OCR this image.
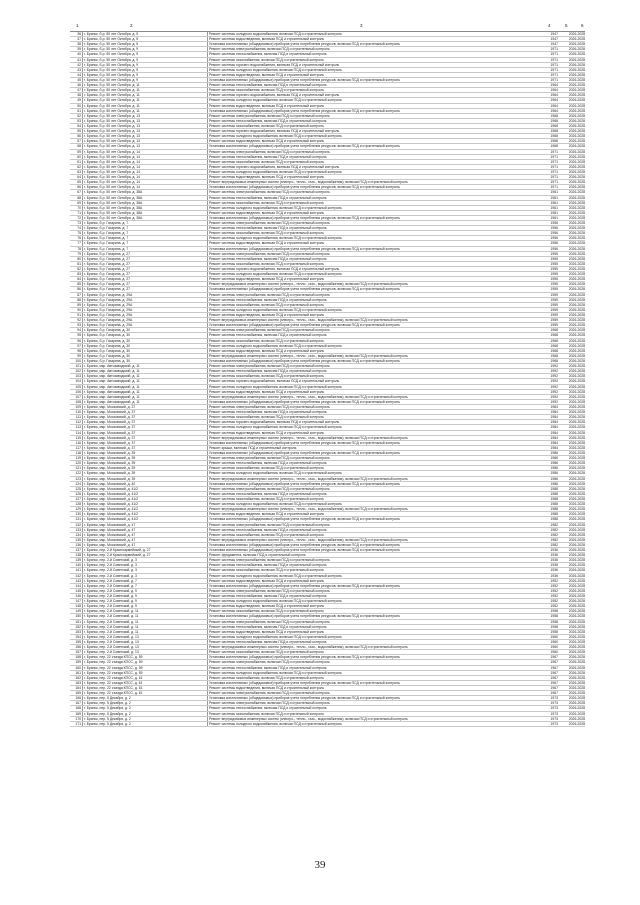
1	2	3	4	5	6
36 г. Брянск, б-р. 50 лет Октября, д. 5	Ремонт системы холодного водоснабжения, включая ПСД и строительный контроль	1947	2026-2028
37 г. Брянск, б-р. 50 лет Октября, д. 5	Ремонт системы водоотведения, включая ПСД и строительный контроль	1947	2026-2028
38 г. Брянск, б-р. 50 лет Октября, д. 5	Установка коллективных (общедомовых) приборов учета потребления ресурсов, включая ПСД и строительный контроль	1947	2026-2028
39 г. Брянск, б-р. 50 лет Октября, д. 9	Ремонт системы электроснабжения, включая ПСД и строительный контроль	1971	2026-2028
40 г. Брянск, б-р. 50 лет Октября, д. 9	Ремонт системы теплоснабжения, включая ПСД и строительный контроль	1971	2026-2028
41 г. Брянск, б-р. 50 лет Октября, д. 9	Ремонт системы газоснабжения, включая ПСД и строительный контроль	1971	2026-2028
42 г. Брянск, б-р. 50 лет Октября, д. 9	Ремонт системы горячего водоснабжения, включая ПСД и строительный контроль	1971	2026-2028
43 г. Брянск, б-р. 50 лет Октября, д. 9	Ремонт системы холодного водоснабжения, включая ПСД и строительный контроль	1971	2026-2028
44 г. Брянск, б-р. 50 лет Октября, д. 9	Ремонт системы водоотведения, включая ПСД и строительный контроль	1971	2026-2028
45 г. Брянск, б-р. 50 лет Октября, д. 9	Установка коллективных (общедомовых) приборов учета потребления ресурсов, включая ПСД и строительный контроль	1971	2026-2028
46 г. Брянск, б-р. 50 лет Октября, д. 11	Ремонт системы теплоснабжения, включая ПСД и строительный контроль	1964	2026-2028
47 г. Брянск, б-р. 50 лет Октября, д. 11	Ремонт системы газоснабжения, включая ПСД и строительный контроль	1964	2026-2028
48 г. Брянск, б-р. 50 лет Октября, д. 11	Ремонт системы горячего водоснабжения, включая ПСД и строительный контроль	1964	2026-2028
49 г. Брянск, б-р. 50 лет Октября, д. 11	Ремонт системы холодного водоснабжения, включая ПСД и строительный контроль	1964	2026-2028
50 г. Брянск, б-р. 50 лет Октября, д. 11	Ремонт системы водоотведения, включая ПСД и строительный контроль	1964	2026-2028
51 г. Брянск, б-р. 50 лет Октября, д. 11	Установка коллективных (общедомовых) приборов учета потребления ресурсов, включая ПСД и строительный контроль	1964	2026-2028
52 г. Брянск, б-р. 50 лет Октября, д. 13	Ремонт системы электроснабжения, включая ПСД и строительный контроль	1968	2026-2028
53 г. Брянск, б-р. 50 лет Октября, д. 13	Ремонт системы теплоснабжения, включая ПСД и строительный контроль	1968	2026-2028
54 г. Брянск, б-р. 50 лет Октября, д. 13	Ремонт системы газоснабжения, включая ПСД и строительный контроль	1968	2026-2028
55 г. Брянск, б-р. 50 лет Октября, д. 13	Ремонт системы горячего водоснабжения, включая ПСД и строительный контроль	1968	2026-2028
56 г. Брянск, б-р. 50 лет Октября, д. 13	Ремонт системы холодного водоснабжения, включая ПСД и строительный контроль	1968	2026-2028
57 г. Брянск, б-р. 50 лет Октября, д. 13	Ремонт системы водоотведения, включая ПСД и строительный контроль	1968	2026-2028
58 г. Брянск, б-р. 50 лет Октября, д. 13	Установка коллективных (общедомовых) приборов учета потребления ресурсов, включая ПСД и строительный контроль	1968	2026-2028
59 г. Брянск, б-р. 50 лет Октября, д. 14	Ремонт системы электроснабжения, включая ПСД и строительный контроль	1971	2026-2028
60 г. Брянск, б-р. 50 лет Октября, д. 14	Ремонт системы теплоснабжения, включая ПСД и строительный контроль	1971	2026-2028
61 г. Брянск, б-р. 50 лет Октября, д. 14	Ремонт системы газоснабжения, включая ПСД и строительный контроль	1971	2026-2028
62 г. Брянск, б-р. 50 лет Октября, д. 14	Ремонт системы горячего водоснабжения, включая ПСД и строительный контроль	1971	2026-2028
63 г. Брянск, б-р. 50 лет Октября, д. 14	Ремонт системы холодного водоснабжения, включая ПСД и строительный контроль	1971	2026-2028
64 г. Брянск, б-р. 50 лет Октября, д. 14	Ремонт системы водоотведения, включая ПСД и строительный контроль	1971	2026-2028
65 г. Брянск, б-р. 50 лет Октября, д. 14	Ремонт внутридомовых инженерных систем (электро-, тепло-, газо-, водоснабжения), включая ПСД и строительный контроль	1971	2026-2028
66 г. Брянск, б-р. 50 лет Октября, д. 14	Установка коллективных (общедомовых) приборов учета потребления ресурсов, включая ПСД и строительный контроль	1971	2026-2028
67 г. Брянск, б-р. 50 лет Октября, д. 38А	Ремонт системы электроснабжения, включая ПСД и строительный контроль	1961	2026-2028
68 г. Брянск, б-р. 50 лет Октября, д. 38А	Ремонт системы теплоснабжения, включая ПСД и строительный контроль	1961	2026-2028
69 г. Брянск, б-р. 50 лет Октября, д. 38А	Ремонт системы газоснабжения, включая ПСД и строительный контроль	1961	2026-2028
70 г. Брянск, б-р. 50 лет Октября, д. 38А	Ремонт системы холодного водоснабжения, включая ПСД и строительный контроль	1961	2026-2028
71 г. Брянск, б-р. 50 лет Октября, д. 38А	Ремонт системы водоотведения, включая ПСД и строительный контроль	1961	2026-2028
72 г. Брянск, б-р. 50 лет Октября, д. 38А	Установка коллективных (общедомовых) приборов учета потребления ресурсов, включая ПСД и строительный контроль	1961	2026-2028
73 г. Брянск, б-р. Гагарина, д. 7	Ремонт системы электроснабжения, включая ПСД и строительный контроль	1956	2026-2028
74 г. Брянск, б-р. Гагарина, д. 7	Ремонт системы теплоснабжения, включая ПСД и строительный контроль	1956	2026-2028
75 г. Брянск, б-р. Гагарина, д. 7	Ремонт системы газоснабжения, включая ПСД и строительный контроль	1956	2026-2028
76 г. Брянск, б-р. Гагарина, д. 7	Ремонт системы холодного водоснабжения, включая ПСД и строительный контроль	1956	2026-2028
77 г. Брянск, б-р. Гагарина, д. 7	Ремонт системы водоотведения, включая ПСД и строительный контроль	1956	2026-2028
78 г. Брянск, б-р. Гагарина, д. 7	Установка коллективных (общедомовых) приборов учета потребления ресурсов, включая ПСД и строительный контроль	1956	2026-2028
79 г. Брянск, б-р. Гагарина, д. 27	Ремонт системы электроснабжения, включая ПСД и строительный контроль	1955	2026-2028
80 г. Брянск, б-р. Гагарина, д. 27	Ремонт системы теплоснабжения, включая ПСД и строительный контроль	1955	2026-2028
81 г. Брянск, б-р. Гагарина, д. 27	Ремонт системы газоснабжения, включая ПСД и строительный контроль	1955	2026-2028
82 г. Брянск, б-р. Гагарина, д. 27	Ремонт системы горячего водоснабжения, включая ПСД и строительный контроль	1955	2026-2028
83 г. Брянск, б-р. Гагарина, д. 27	Ремонт системы холодного водоснабжения, включая ПСД и строительный контроль	1955	2026-2028
84 г. Брянск, б-р. Гагарина, д. 27	Ремонт системы водоотведения, включая ПСД и строительный контроль	1955	2026-2028
85 г. Брянск, б-р. Гагарина, д. 27	Ремонт внутридомовых инженерных систем (электро-, тепло-, газо-, водоснабжения), включая ПСД и строительный контроль	1955	2026-2028
86 г. Брянск, б-р. Гагарина, д. 27	Установка коллективных (общедомовых) приборов учета потребления ресурсов, включая ПСД и строительный контроль	1955	2026-2028
87 г. Брянск, б-р. Гагарина, д. 29А	Ремонт системы электроснабжения, включая ПСД и строительный контроль	1959	2026-2028
88 г. Брянск, б-р. Гагарина, д. 29А	Ремонт системы теплоснабжения, включая ПСД и строительный контроль	1959	2026-2028
89 г. Брянск, б-р. Гагарина, д. 29А	Ремонт системы газоснабжения, включая ПСД и строительный контроль	1959	2026-2028
90 г. Брянск, б-р. Гагарина, д. 29А	Ремонт системы холодного водоснабжения, включая ПСД и строительный контроль	1959	2026-2028
91 г. Брянск, б-р. Гагарина, д. 29А	Ремонт системы водоотведения, включая ПСД и строительный контроль	1959	2026-2028
92 г. Брянск, б-р. Гагарина, д. 29А	Ремонт внутридомовых инженерных систем (электро-, тепло-, газо-, водоснабжения), включая ПСД и строительный контроль	1959	2026-2028
93 г. Брянск, б-р. Гагарина, д. 29А	Установка коллективных (общедомовых) приборов учета потребления ресурсов, включая ПСД и строительный контроль	1959	2026-2028
94 г. Брянск, б-р. Гагарина, д. 30	Ремонт системы электроснабжения, включая ПСД и строительный контроль	1968	2026-2028
95 г. Брянск, б-р. Гагарина, д. 30	Ремонт системы теплоснабжения, включая ПСД и строительный контроль	1968	2026-2028
96 г. Брянск, б-р. Гагарина, д. 30	Ремонт системы газоснабжения, включая ПСД и строительный контроль	1968	2026-2028
97 г. Брянск, б-р. Гагарина, д. 30	Ремонт системы холодного водоснабжения, включая ПСД и строительный контроль	1968	2026-2028
98 г. Брянск, б-р. Гагарина, д. 30	Ремонт системы водоотведения, включая ПСД и строительный контроль	1968	2026-2028
99 г. Брянск, б-р. Гагарина, д. 30	Ремонт внутридомовых инженерных систем (электро-, тепло-, газо-, водоснабжения), включая ПСД и строительный контроль	1968	2026-2028
100 г. Брянск, б-р. Гагарина, д. 30	Установка коллективных (общедомовых) приборов учета потребления ресурсов, включая ПСД и строительный контроль	1968	2026-2028
101 г. Брянск, мкр. Автозаводский, д. 11	Ремонт системы электроснабжения, включая ПСД и строительный контроль	1992	2026-2028
102 г. Брянск, мкр. Автозаводский, д. 11	Ремонт системы теплоснабжения, включая ПСД и строительный контроль	1992	2026-2028
103 г. Брянск, мкр. Автозаводский, д. 11	Ремонт системы газоснабжения, включая ПСД и строительный контроль	1992	2026-2028
104 г. Брянск, мкр. Автозаводский, д. 11	Ремонт системы горячего водоснабжения, включая ПСД и строительный контроль	1992	2026-2028
105 г. Брянск, мкр. Автозаводский, д. 11	Ремонт системы холодного водоснабжения, включая ПСД и строительный контроль	1992	2026-2028
106 г. Брянск, мкр. Автозаводский, д. 11	Ремонт системы водоотведения, включая ПСД и строительный контроль	1992	2026-2028
107 г. Брянск, мкр. Автозаводский, д. 11	Ремонт внутридомовых инженерных систем (электро-, тепло-, газо-, водоснабжения), включая ПСД и строительный контроль	1992	2026-2028
108 г. Брянск, мкр. Автозаводский, д. 11	Установка коллективных (общедомовых) приборов учета потребления ресурсов, включая ПСД и строительный контроль	1992	2026-2028
109 г. Брянск, мкр. Московский, д. 37	Ремонт системы электроснабжения, включая ПСД и строительный контроль	1984	2026-2028
110 г. Брянск, мкр. Московский, д. 37	Ремонт системы теплоснабжения, включая ПСД и строительный контроль	1984	2026-2028
111 г. Брянск, мкр. Московский, д. 37	Ремонт системы газоснабжения, включая ПСД и строительный контроль	1984	2026-2028
112 г. Брянск, мкр. Московский, д. 37	Ремонт системы горячего водоснабжения, включая ПСД и строительный контроль	1984	2026-2028
113 г. Брянск, мкр. Московский, д. 37	Ремонт системы холодного водоснабжения, включая ПСД и строительный контроль	1984	2026-2028
114 г. Брянск, мкр. Московский, д. 37	Ремонт системы водоотведения, включая ПСД и строительный контроль	1984	2026-2028
115 г. Брянск, мкр. Московский, д. 37	Ремонт внутридомовых инженерных систем (электро-, тепло-, газо-, водоснабжения), включая ПСД и строительный контроль	1984	2026-2028
116 г. Брянск, мкр. Московский, д. 37	Установка коллективных (общедомовых) приборов учета потребления ресурсов, включая ПСД и строительный контроль	1984	2026-2028
117 г. Брянск, мкр. Московский, д. 37	Ремонт крыши, включая ПСД и строительный контроль	1984	2026-2028
118 г. Брянск, мкр. Московский, д. 39	Установка коллективных (общедомовых) приборов учета потребления ресурсов, включая ПСД и строительный контроль	1986	2026-2028
119 г. Брянск, мкр. Московский, д. 39	Ремонт системы электроснабжения, включая ПСД и строительный контроль	1986	2026-2028
120 г. Брянск, мкр. Московский, д. 39	Ремонт системы теплоснабжения, включая ПСД и строительный контроль	1986	2026-2028
121 г. Брянск, мкр. Московский, д. 39	Ремонт системы газоснабжения, включая ПСД и строительный контроль	1986	2026-2028
122 г. Брянск, мкр. Московский, д. 39	Ремонт системы холодного водоснабжения, включая ПСД и строительный контроль	1986	2026-2028
123 г. Брянск, мкр. Московский, д. 39	Ремонт внутридомовых инженерных систем (электро-, тепло-, газо-, водоснабжения), включая ПСД и строительный контроль	1986	2026-2028
124 г. Брянск, мкр. Московский, д. 40	Установка коллективных (общедомовых) приборов учета потребления ресурсов, включая ПСД и строительный контроль	1986	2026-2028
125 г. Брянск, мкр. Московский, д. 41/2	Ремонт системы электроснабжения, включая ПСД и строительный контроль	1988	2026-2028
126 г. Брянск, мкр. Московский, д. 41/2	Ремонт системы теплоснабжения, включая ПСД и строительный контроль	1988	2026-2028
127 г. Брянск, мкр. Московский, д. 41/2	Ремонт системы газоснабжения, включая ПСД и строительный контроль	1988	2026-2028
128 г. Брянск, мкр. Московский, д. 41/2	Ремонт системы холодного водоснабжения, включая ПСД и строительный контроль	1988	2026-2028
129 г. Брянск, мкр. Московский, д. 41/2	Ремонт внутридомовых инженерных систем (электро-, тепло-, газо-, водоснабжения), включая ПСД и строительный контроль	1988	2026-2028
130 г. Брянск, мкр. Московский, д. 41/2	Ремонт системы водоотведения, включая ПСД и строительный контроль	1988	2026-2028
131 г. Брянск, мкр. Московский, д. 41/2	Установка коллективных (общедомовых) приборов учета потребления ресурсов, включая ПСД и строительный контроль	1988	2026-2028
132 г. Брянск, мкр. Московский, д. 47	Ремонт системы электроснабжения, включая ПСД и строительный контроль	1982	2026-2028
133 г. Брянск, мкр. Московский, д. 47	Ремонт системы теплоснабжения, включая ПСД и строительный контроль	1982	2026-2028
134 г. Брянск, мкр. Московский, д. 47	Ремонт системы газоснабжения, включая ПСД и строительный контроль	1982	2026-2028
135 г. Брянск, мкр. Московский, д. 47	Ремонт внутридомовых инженерных систем (электро-, тепло-, газо-, водоснабжения), включая ПСД и строительный контроль	1982	2026-2028
136 г. Брянск, мкр. Московский, д. 47	Установка коллективных (общедомовых) приборов учета потребления ресурсов, включая ПСД и строительный контроль	1982	2026-2028
137 г. Брянск, пер. 2-й Красноармейский, д. 27	Установка коллективных (общедомовых) приборов учета потребления ресурсов, включая ПСД и строительный контроль	1936	2026-2028
138 г. Брянск, пер. 2-й Красноармейский, д. 27	Ремонт фундамента, включая ПСД и строительный контроль	1936	2026-2028
139 г. Брянск, пер. 2-й Советский, д. 3	Ремонт системы электроснабжения, включая ПСД и строительный контроль	1936	2026-2028
140 г. Брянск, пер. 2-й Советский, д. 3	Ремонт системы теплоснабжения, включая ПСД и строительный контроль	1936	2026-2028
141 г. Брянск, пер. 2-й Советский, д. 3	Ремонт системы газоснабжения, включая ПСД и строительный контроль	1936	2026-2028
142 г. Брянск, пер. 2-й Советский, д. 3	Ремонт системы холодного водоснабжения, включая ПСД и строительный контроль	1936	2026-2028
143 г. Брянск, пер. 2-й Советский, д. 7	Ремонт системы водоотведения, включая ПСД и строительный контроль	1952	2026-2028
144 г. Брянск, пер. 2-й Советский, д. 7	Установка коллективных (общедомовых) приборов учета потребления ресурсов, включая ПСД и строительный контроль	1952	2026-2028
145 г. Брянск, пер. 2-й Советский, д. 9	Ремонт системы электроснабжения, включая ПСД и строительный контроль	1952	2026-2028
146 г. Брянск, пер. 2-й Советский, д. 9	Ремонт системы теплоснабжения, включая ПСД и строительный контроль	1952	2026-2028
147 г. Брянск, пер. 2-й Советский, д. 9	Ремонт системы холодного водоснабжения, включая ПСД и строительный контроль	1952	2026-2028
148 г. Брянск, пер. 2-й Советский, д. 9	Ремонт системы водоотведения, включая ПСД и строительный контроль	1952	2026-2028
149 г. Брянск, пер. 2-й Советский, д. 11	Ремонт системы газоснабжения, включая ПСД и строительный контроль	1958	2026-2028
150 г. Брянск, пер. 2-й Советский, д. 11	Установка коллективных (общедомовых) приборов учета потребления ресурсов, включая ПСД и строительный контроль	1958	2026-2028
151 г. Брянск, пер. 2-й Советский, д. 11	Ремонт системы электроснабжения, включая ПСД и строительный контроль	1958	2026-2028
152 г. Брянск, пер. 2-й Советский, д. 11	Ремонт системы теплоснабжения, включая ПСД и строительный контроль	1958	2026-2028
153 г. Брянск, пер. 2-й Советский, д. 11	Ремонт системы водоотведения, включая ПСД и строительный контроль	1958	2026-2028
154 г. Брянск, пер. 2-й Советский, д. 13	Ремонт системы холодного водоснабжения, включая ПСД и строительный контроль	1960	2026-2028
155 г. Брянск, пер. 2-й Советский, д. 13	Ремонт системы теплоснабжения, включая ПСД и строительный контроль	1960	2026-2028
156 г. Брянск, пер. 2-й Советский, д. 13	Ремонт внутридомовых инженерных систем (электро-, тепло-, газо-, водоснабжения), включая ПСД и строительный контроль	1960	2026-2028
157 г. Брянск, пер. 2-й Советский, д. 13	Ремонт системы газоснабжения, включая ПСД и строительный контроль	1960	2026-2028
158 г. Брянск, пер. 22 съезда КПСС, д. 59	Установка коллективных (общедомовых) приборов учета потребления ресурсов, включая ПСД и строительный контроль	1967	2026-2028
159 г. Брянск, пер. 22 съезда КПСС, д. 59	Ремонт системы электроснабжения, включая ПСД и строительный контроль	1967	2026-2028
160 г. Брянск, пер. 22 съезда КПСС, д. 59	Ремонт системы теплоснабжения, включая ПСД и строительный контроль	1967	2026-2028
161 г. Брянск, пер. 22 съезда КПСС, д. 59	Ремонт системы холодного водоснабжения, включая ПСД и строительный контроль	1967	2026-2028
162 г. Брянск, пер. 22 съезда КПСС, д. 61	Ремонт системы газоснабжения, включая ПСД и строительный контроль	1967	2026-2028
163 г. Брянск, пер. 22 съезда КПСС, д. 61	Установка коллективных (общедомовых) приборов учета потребления ресурсов, включая ПСД и строительный контроль	1967	2026-2028
164 г. Брянск, пер. 22 съезда КПСС, д. 61	Ремонт системы водоотведения, включая ПСД и строительный контроль	1967	2026-2028
165 г. Брянск, пер. 22 съезда КПСС, д. 61	Ремонт системы электроснабжения, включая ПСД и строительный контроль	1967	2026-2028
166 г. Брянск, пер. 5 Декабря, д. 2	Установка коллективных (общедомовых) приборов учета потребления ресурсов, включая ПСД и строительный контроль	1973	2026-2028
167 г. Брянск, пер. 5 Декабря, д. 2	Ремонт системы электроснабжения, включая ПСД и строительный контроль	1973	2026-2028
168 г. Брянск, пер. 5 Декабря, д. 2	Ремонт системы теплоснабжения, включая ПСД и строительный контроль	1973	2026-2028
169 г. Брянск, пер. 5 Декабря, д. 2	Ремонт системы газоснабжения, включая ПСД и строительный контроль	1973	2026-2028
170 г. Брянск, пер. 5 Декабря, д. 2	Ремонт внутридомовых инженерных систем (электро-, тепло-, газо-, водоснабжения), включая ПСД и строительный контроль	1973	2026-2028
171 г. Брянск, пер. 5 Декабря, д. 2	Ремонт системы холодного водоснабжения, включая ПСД и строительный контроль	1973	2026-2028
39
